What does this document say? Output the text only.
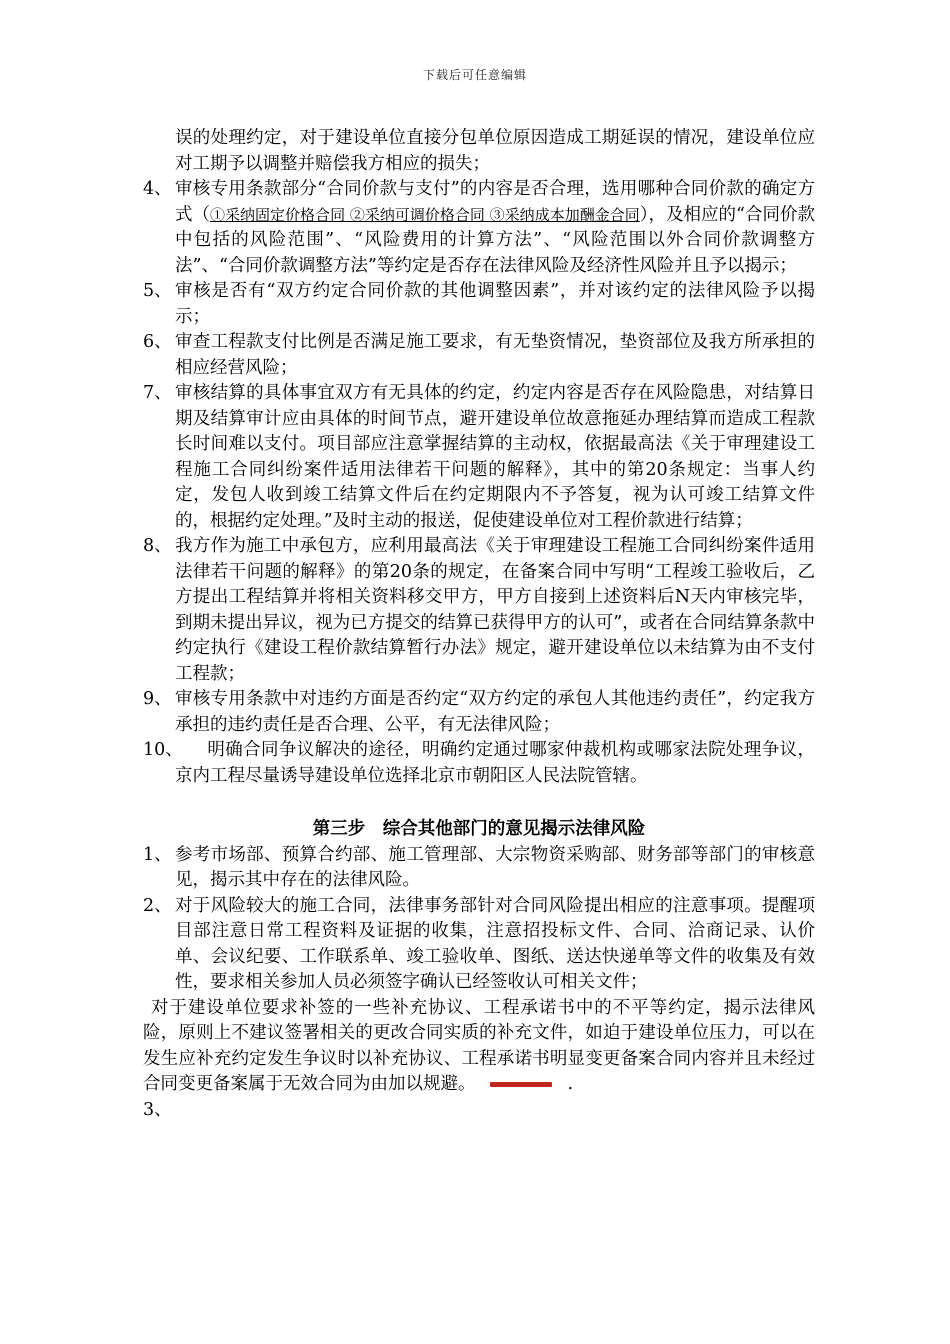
下载后可任意编辑
误的处理约定，对于建设单位直接分包单位原因造成工期延误的情况，建设单位应对工期予以调整并赔偿我方相应的损失；
4、 审核专用条款部分“合同价款与支付”的内容是否合理，选用哪种合同价款的确定方式（①采纳固定价格合同 ②采纳可调价格合同 ③采纳成本加酬金合同），及相应的“合同价款中包括的风险范围”、“风险费用的计算方法”、“风险范围以外合同价款调整方法”、“合同价款调整方法”等约定是否存在法律风险及经济性风险并且予以揭示；
5、 审核是否有“双方约定合同价款的其他调整因素”，并对该约定的法律风险予以揭示；
6、 审查工程款支付比例是否满足施工要求，有无垫资情况，垫资部位及我方所承担的相应经营风险；
7、 审核结算的具体事宜双方有无具体的约定，约定内容是否存在风险隐患，对结算日期及结算审计应由具体的时间节点，避开建设单位故意拖延办理结算而造成工程款长时间难以支付。项目部应注意掌握结算的主动权，依据最高法《关于审理建设工程施工合同纠纷案件适用法律若干问题的解释》，其中的第20条规定：当事人约定，发包人收到竣工结算文件后在约定期限内不予答复，视为认可竣工结算文件的，根据约定处理。”及时主动的报送，促使建设单位对工程价款进行结算；
8、 我方作为施工中承包方，应利用最高法《关于审理建设工程施工合同纠纷案件适用法律若干问题的解释》的第20条的规定，在备案合同中写明“工程竣工验收后，乙方提出工程结算并将相关资料移交甲方，甲方自接到上述资料后N天内审核完毕，到期未提出异议，视为已方提交的结算已获得甲方的认可”，或者在合同结算条款中约定执行《建设工程价款结算暂行办法》规定，避开建设单位以未结算为由不支付工程款；
9、 审核专用条款中对违约方面是否约定“双方约定的承包人其他违约责任”，约定我方承担的违约责任是否合理、公平，有无法律风险；
10、	明确合同争议解决的途径，明确约定通过哪家仲裁机构或哪家法院处理争议，京内工程尽量诱导建设单位选择北京市朝阳区人民法院管辖。
第三步　综合其他部门的意见揭示法律风险
1、 参考市场部、预算合约部、施工管理部、大宗物资采购部、财务部等部门的审核意见，揭示其中存在的法律风险。
2、 对于风险较大的施工合同，法律事务部针对合同风险提出相应的注意事项。提醒项目部注意日常工程资料及证据的收集，注意招投标文件、合同、洽商记录、认价单、会议纪要、工作联系单、竣工验收单、图纸、送达快递单等文件的收集及有效性，要求相关参加人员必须签字确认已经签收认可相关文件；
对于建设单位要求补签的一些补充协议、工程承诺书中的不平等约定，揭示法律风险，原则上不建议签署相关的更改合同实质的补充文件，如迫于建设单位压力，可以在发生应补充约定发生争议时以补充协议、工程承诺书明显变更备案合同内容并且未经过合同变更备案属于无效合同为由加以规避。	.
3、
